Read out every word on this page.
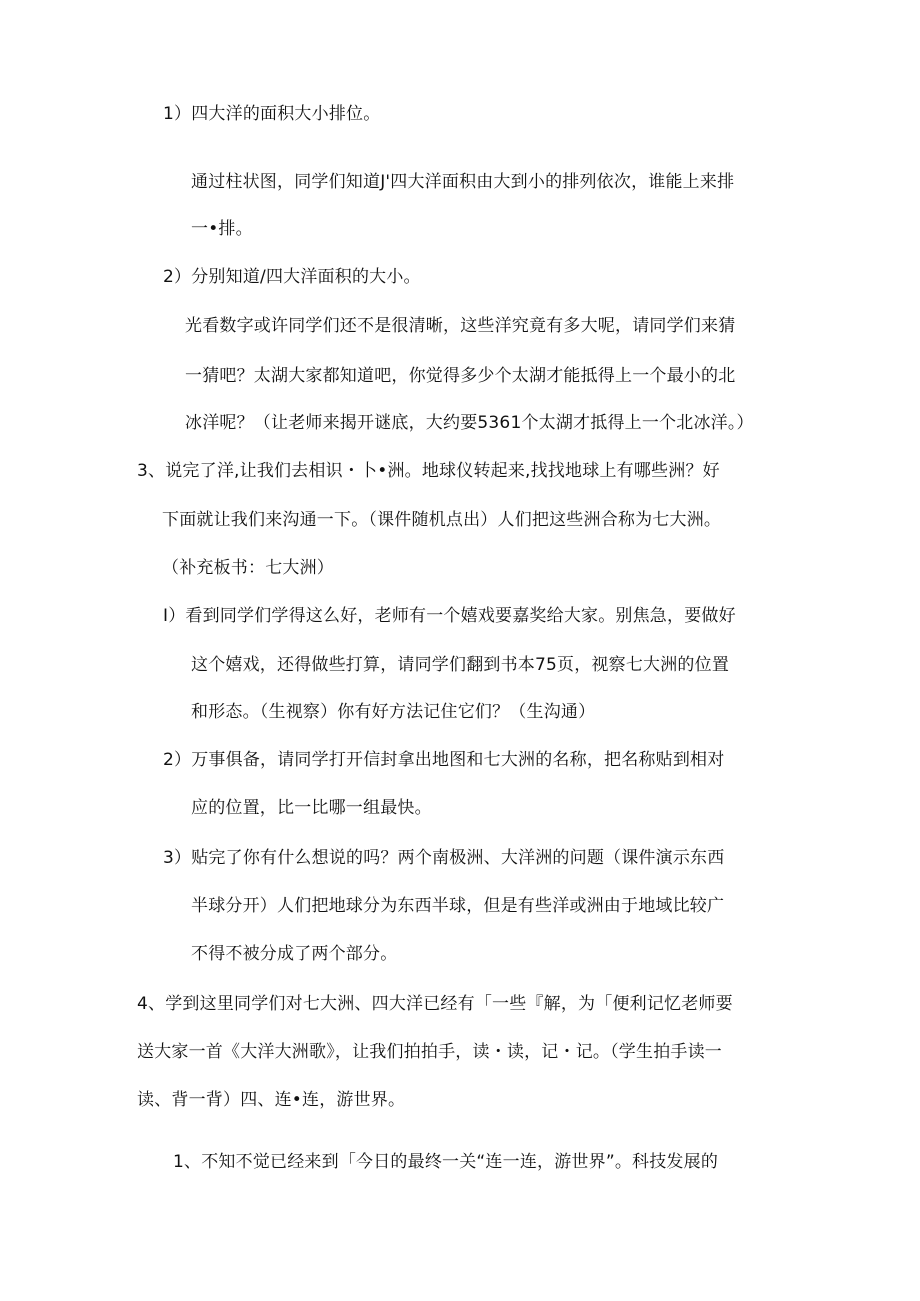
1）四大洋的面积大小排位。
通过柱状图，同学们知道J'四大洋面积由大到小的排列依次，谁能上来排
一•排。
2）分别知道/四大洋面积的大小。
光看数字或许同学们还不是很清晰，这些洋究竟有多大呢，请同学们来猜
一猜吧？太湖大家都知道吧，你觉得多少个太湖才能抵得上一个最小的北
冰洋呢？（让老师来揭开谜底，大约要5361个太湖才抵得上一个北冰洋。）
3、说完了洋,让我们去相识・卜•洲。地球仪转起来,找找地球上有哪些洲？好
下面就让我们来沟通一下。（课件随机点出）人们把这些洲合称为七大洲。
（补充板书：七大洲）
I）看到同学们学得这么好，老师有一个嬉戏要嘉奖给大家。别焦急，要做好
这个嬉戏，还得做些打算，请同学们翻到书本75页，视察七大洲的位置
和形态。（生视察）你有好方法记住它们？（生沟通）
2）万事俱备，请同学打开信封拿出地图和七大洲的名称，把名称贴到相对
应的位置，比一比哪一组最快。
3）贴完了你有什么想说的吗？两个南极洲、大洋洲的问题（课件演示东西
半球分开）人们把地球分为东西半球，但是有些洋或洲由于地域比较广
不得不被分成了两个部分。
4、学到这里同学们对七大洲、四大洋已经有「一些『解，为「便利记忆老师要
送大家一首《大洋大洲歌》，让我们拍拍手，读・读，记・记。（学生拍手读一
读、背一背）四、连•连，游世界。
1、不知不觉已经来到「今日的最终一关“连一连，游世界”。科技发展的
